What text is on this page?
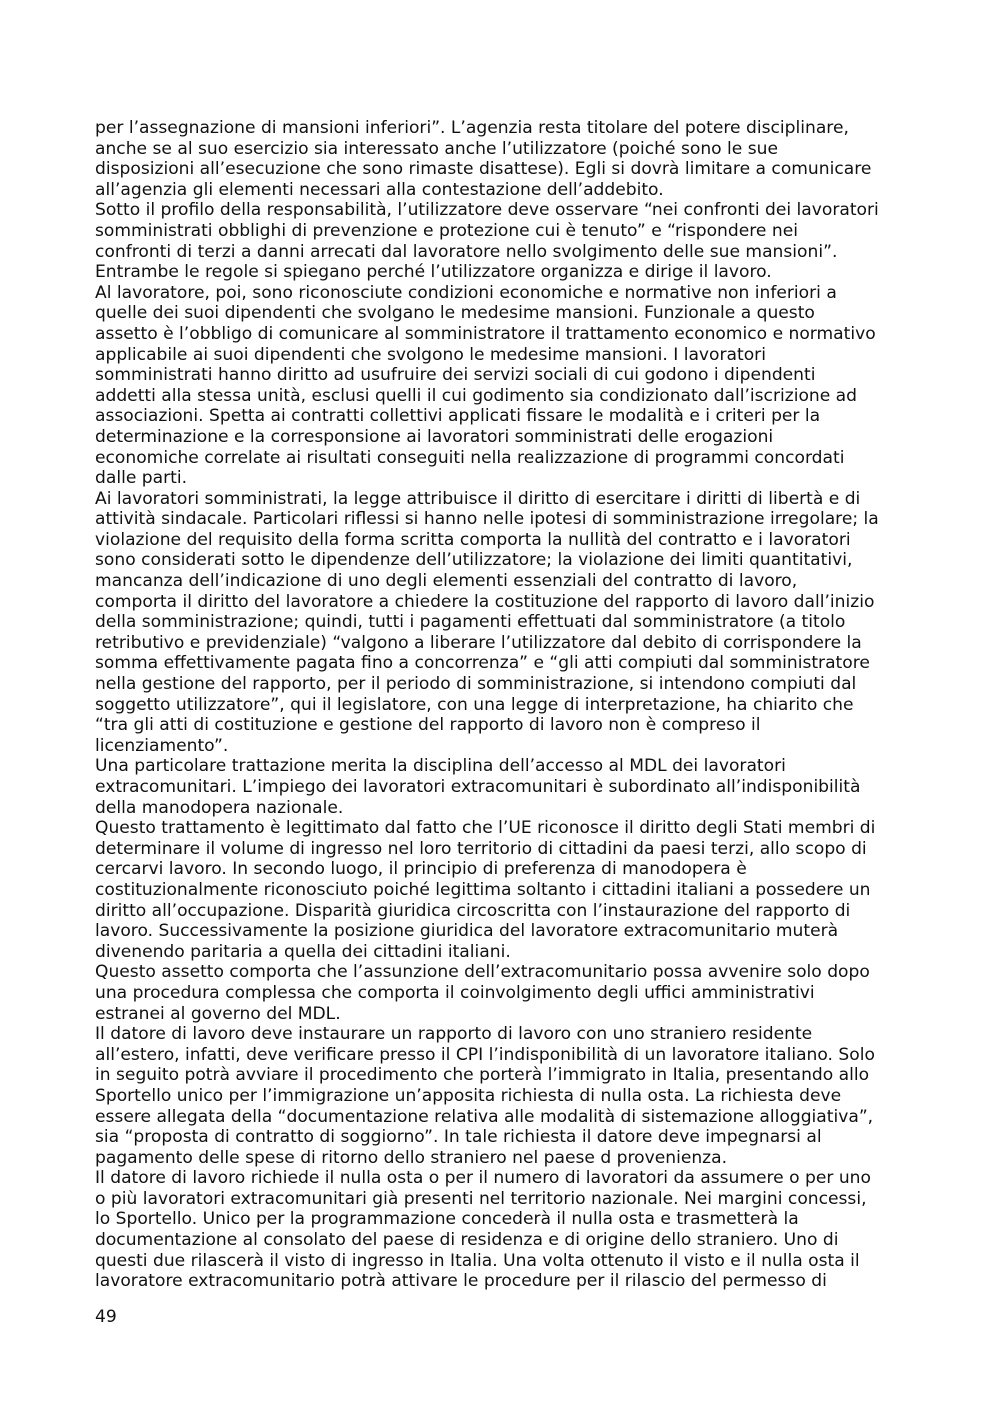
per l’assegnazione di mansioni inferiori”. L’agenzia resta titolare del potere disciplinare,
anche se al suo esercizio sia interessato anche l’utilizzatore (poiché sono le sue
disposizioni all’esecuzione che sono rimaste disattese). Egli si dovrà limitare a comunicare
all’agenzia gli elementi necessari alla contestazione dell’addebito.

Sotto il profilo della responsabilità, l’utilizzatore deve osservare “nei confronti dei lavoratori
somministrati obblighi di prevenzione e protezione cui è tenuto” e “rispondere nei
confronti di terzi a danni arrecati dal lavoratore nello svolgimento delle sue mansioni”.
Entrambe le regole si spiegano perché l’utilizzatore organizza e dirige il lavoro.

Al lavoratore, poi, sono riconosciute condizioni economiche e normative non inferiori a
quelle dei suoi dipendenti che svolgano le medesime mansioni. Funzionale a questo
assetto è l’obbligo di comunicare al somministratore il trattamento economico e normativo
applicabile ai suoi dipendenti che svolgono le medesime mansioni. I lavoratori
somministrati hanno diritto ad usufruire dei servizi sociali di cui godono i dipendenti
addetti alla stessa unità, esclusi quelli il cui godimento sia condizionato dall’iscrizione ad
associazioni. Spetta ai contratti collettivi applicati fissare le modalità e i criteri per la
determinazione e la corresponsione ai lavoratori somministrati delle erogazioni
economiche correlate ai risultati conseguiti nella realizzazione di programmi concordati
dalle parti.

Ai lavoratori somministrati, la legge attribuisce il diritto di esercitare i diritti di libertà e di
attività sindacale. Particolari riflessi si hanno nelle ipotesi di somministrazione irregolare; la
violazione del requisito della forma scritta comporta la nullità del contratto e i lavoratori
sono considerati sotto le dipendenze dell’utilizzatore; la violazione dei limiti quantitativi,
mancanza dell’indicazione di uno degli elementi essenziali del contratto di lavoro,
comporta il diritto del lavoratore a chiedere la costituzione del rapporto di lavoro dall’inizio
della somministrazione; quindi, tutti i pagamenti effettuati dal somministratore (a titolo
retributivo e previdenziale) “valgono a liberare l’utilizzatore dal debito di corrispondere la
somma effettivamente pagata fino a concorrenza” e “gli atti compiuti dal somministratore
nella gestione del rapporto, per il periodo di somministrazione, si intendono compiuti dal
soggetto utilizzatore”, qui il legislatore, con una legge di interpretazione, ha chiarito che
“tra gli atti di costituzione e gestione del rapporto di lavoro non è compreso il
licenziamento”.

Una particolare trattazione merita la disciplina dell’accesso al MDL dei lavoratori
extracomunitari. L’impiego dei lavoratori extracomunitari è subordinato all’indisponibilità
della manodopera nazionale.

Questo trattamento è legittimato dal fatto che l’UE riconosce il diritto degli Stati membri di
determinare il volume di ingresso nel loro territorio di cittadini da paesi terzi, allo scopo di
cercarvi lavoro. In secondo luogo, il principio di preferenza di manodopera è
costituzionalmente riconosciuto poiché legittima soltanto i cittadini italiani a possedere un
diritto all’occupazione. Disparità giuridica circoscritta con l’instaurazione del rapporto di
lavoro. Successivamente la posizione giuridica del lavoratore extracomunitario muterà
divenendo paritaria a quella dei cittadini italiani.

Questo assetto comporta che l’assunzione dell’extracomunitario possa avvenire solo dopo
una procedura complessa che comporta il coinvolgimento degli uffici amministrativi
estranei al governo del MDL.

Il datore di lavoro deve instaurare un rapporto di lavoro con uno straniero residente
all’estero, infatti, deve verificare presso il CPI l’indisponibilità di un lavoratore italiano. Solo
in seguito potrà avviare il procedimento che porterà l’immigrato in Italia, presentando allo
Sportello unico per l’immigrazione un’apposita richiesta di nulla osta. La richiesta deve
essere allegata della “documentazione relativa alle modalità di sistemazione alloggiativa”,
sia “proposta di contratto di soggiorno”. In tale richiesta il datore deve impegnarsi al
pagamento delle spese di ritorno dello straniero nel paese d provenienza.

Il datore di lavoro richiede il nulla osta o per il numero di lavoratori da assumere o per uno
o più lavoratori extracomunitari già presenti nel territorio nazionale. Nei margini concessi,
lo Sportello. Unico per la programmazione concederà il nulla osta e trasmetterà la
documentazione al consolato del paese di residenza e di origine dello straniero. Uno di
questi due rilascerà il visto di ingresso in Italia. Una volta ottenuto il visto e il nulla osta il
lavoratore extracomunitario potrà attivare le procedure per il rilascio del permesso di

49
